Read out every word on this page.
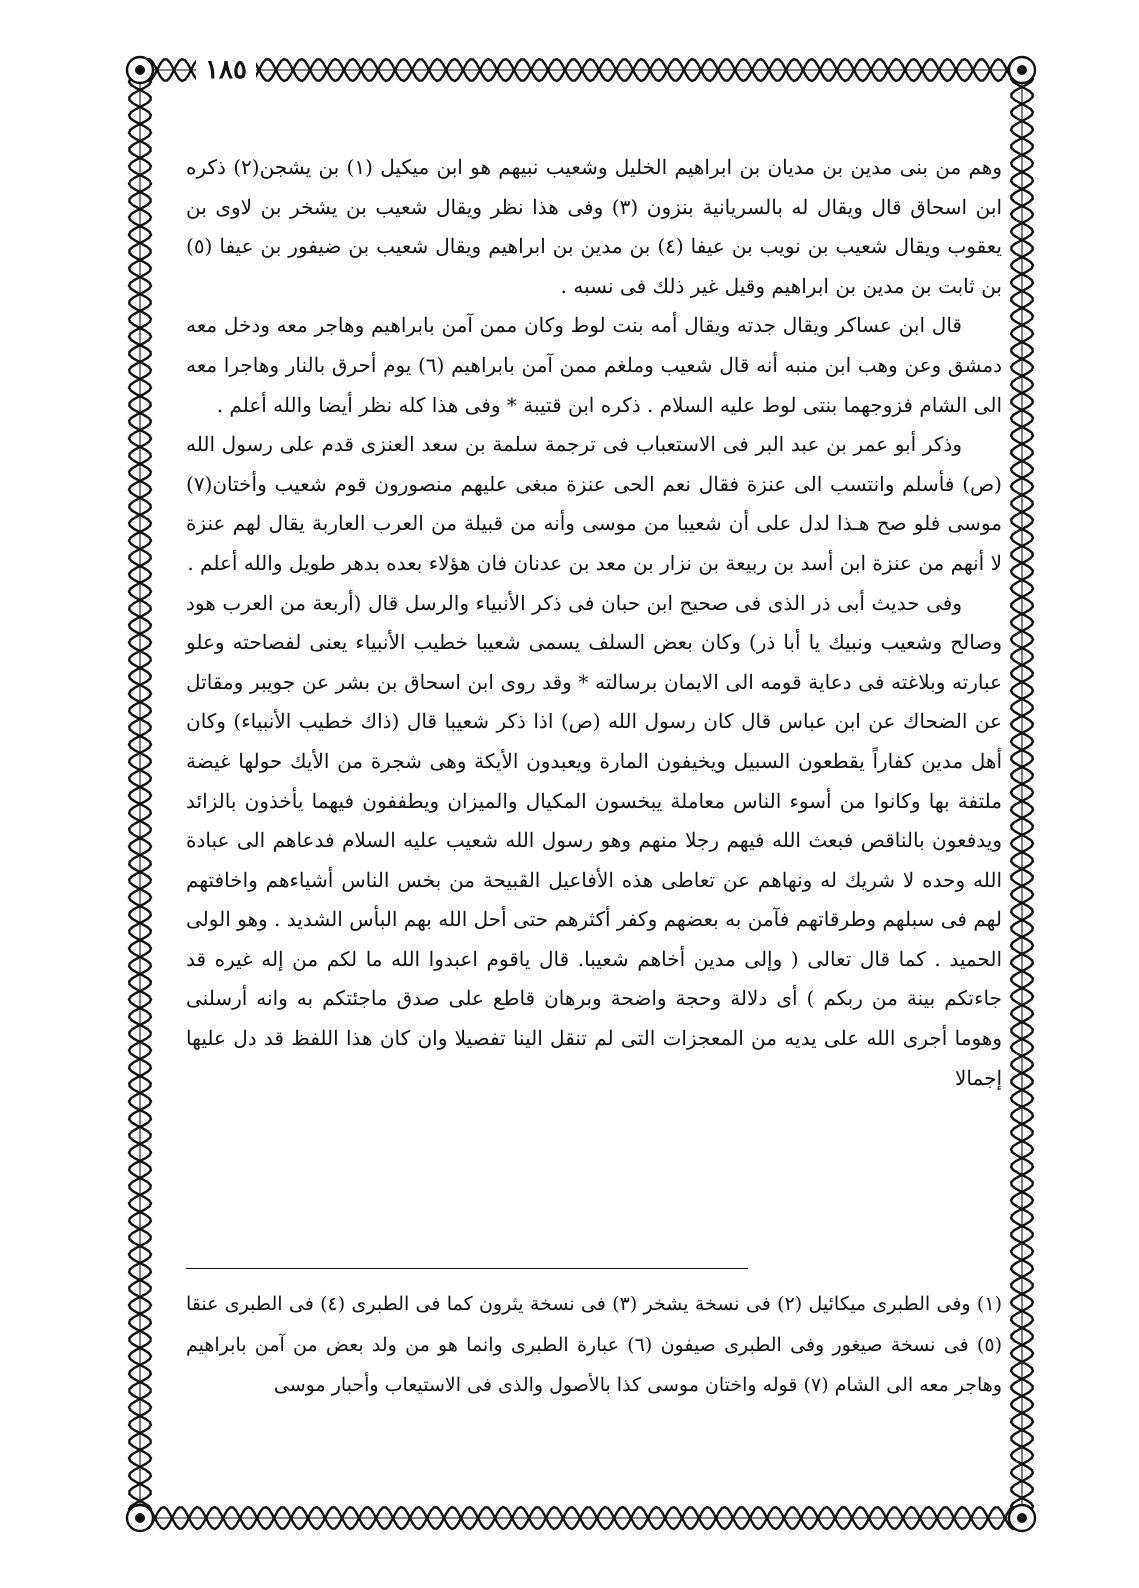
١٨٥

وهم من بنى مدين بن مديان بن ابراهيم الخليل وشعيب نبيهم هو ابن ميكيل (١) بن يشجن(٢) ذكره ابن اسحاق قال ويقال له بالسريانية بنزون (٣) وفى هذا نظر ويقال شعيب بن يشخر بن لاوى بن يعقوب ويقال شعيب بن نويب بن عيفا (٤) بن مدين بن ابراهيم ويقال شعيب بن ضيفور بن عيفا (٥) بن ثابت بن مدين بن ابراهيم وقيل غير ذلك فى نسبه .

قال ابن عساكر ويقال جدته ويقال أمه بنت لوط وكان ممن آمن بابراهيم وهاجر معه ودخل معه دمشق وعن وهب ابن منبه أنه قال شعيب وملغم ممن آمن بابراهيم (٦) يوم أحرق بالنار وهاجرا معه الى الشام فزوجهما بنتى لوط عليه السلام . ذكره ابن قتيبة * وفى هذا كله نظر أيضا والله أعلم .

وذكر أبو عمر بن عبد البر فى الاستعباب فى ترجمة سلمة بن سعد العنزى قدم على رسول الله (ص) فأسلم وانتسب الى عنزة فقال نعم الحى عنزة مبغى عليهم منصورون قوم شعيب وأختان(٧) موسى فلو صح هـذا لدل على أن شعيبا من موسى وأنه من قبيلة من العرب العاربة يقال لهم عنزة لا أنهم من عنزة ابن أسد بن ربيعة بن نزار بن معد بن عدنان فان هؤلاء بعده بدهر طويل والله أعلم .

وفى حديث أبى ذر الذى فى صحيح ابن حبان فى ذكر الأنبياء والرسل قال (أربعة من العرب هود وصالح وشعيب ونبيك يا أبا ذر) وكان بعض السلف يسمى شعيبا خطيب الأنبياء يعنى لفصاحته وعلو عبارته وبلاغته فى دعاية قومه الى الايمان برسالته * وقد روى ابن اسحاق بن بشر عن جويبر ومقاتل عن الضحاك عن ابن عباس قال كان رسول الله (ص) اذا ذكر شعيبا قال (ذاك خطيب الأنبياء) وكان أهل مدين كفاراً يقطعون السبيل ويخيفون المارة ويعبدون الأيكة وهى شجرة من الأيك حولها غيضة ملتفة بها وكانوا من أسوء الناس معاملة يبخسون المكيال والميزان ويطففون فيهما يأخذون بالزائد ويدفعون بالناقص فبعث الله فيهم رجلا منهم وهو رسول الله شعيب عليه السلام فدعاهم الى عبادة الله وحده لا شريك له ونهاهم عن تعاطى هذه الأفاعيل القبيحة من بخس الناس أشياءهم واخافتهم لهم فى سبلهم وطرقاتهم فآمن به بعضهم وكفر أكثرهم حتى أحل الله بهم البأس الشديد . وهو الولى الحميد . كما قال تعالى ( وإلى مدين أخاهم شعيبا. قال ياقوم اعبدوا الله ما لكم من إله غيره قد جاءتكم بينة من ربكم ) أى دلالة وحجة واضحة وبرهان قاطع على صدق ماجئتكم به وانه أرسلنى وهوما أجرى الله على يديه من المعجزات التى لم تنقل الينا تفصيلا وان كان هذا اللفظ قد دل عليها إجمالا

(١) وفى الطبرى ميكائيل (٢) فى نسخة يشخر (٣) فى نسخة يثرون كما فى الطبرى (٤) فى الطبرى عنقا (٥) فى نسخة صيغور وفى الطبرى صيفون (٦) عبارة الطبرى وانما هو من ولد بعض من آمن بابراهيم وهاجر معه الى الشام (٧) قوله واختان موسى كذا بالأصول والذى فى الاستيعاب وأحبار موسى
